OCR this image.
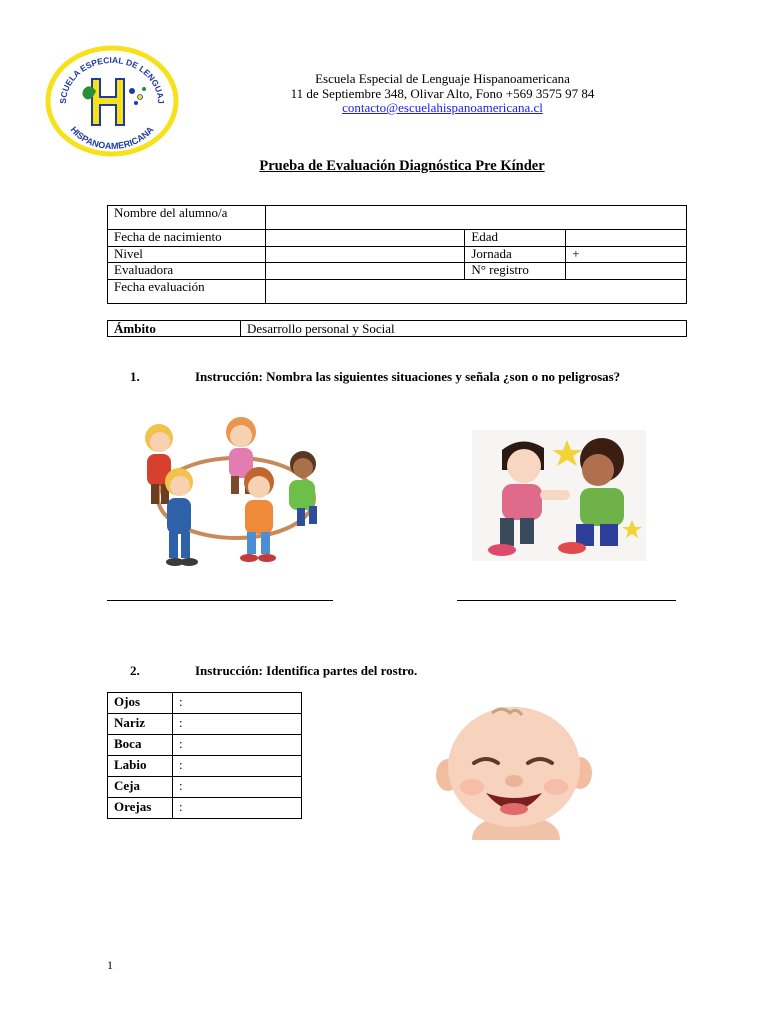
SCUELA ESPECIAL DE LENGUAJ
HISPANOAMERICANA
Escuela Especial de Lenguaje Hispanoamericana
11 de Septiembre 348, Olivar Alto, Fono +569 3575 97 84
contacto@escuelahispanoamericana.cl
Prueba de Evaluación Diagnóstica Pre Kínder
Nombre del alumno/a			
Fecha de nacimiento		Edad	
Nivel		Jornada	+
Evaluadora		N° registro	
Fecha evaluación			
Ámbito	Desarrollo personal y Social
1.	Instrucción: Nombra las siguientes situaciones y señala ¿son o no peligrosas?
2.	Instrucción: Identifica partes del rostro.
Ojos	:
Nariz	:
Boca	:
Labio	:
Ceja	:
Orejas	:
1
